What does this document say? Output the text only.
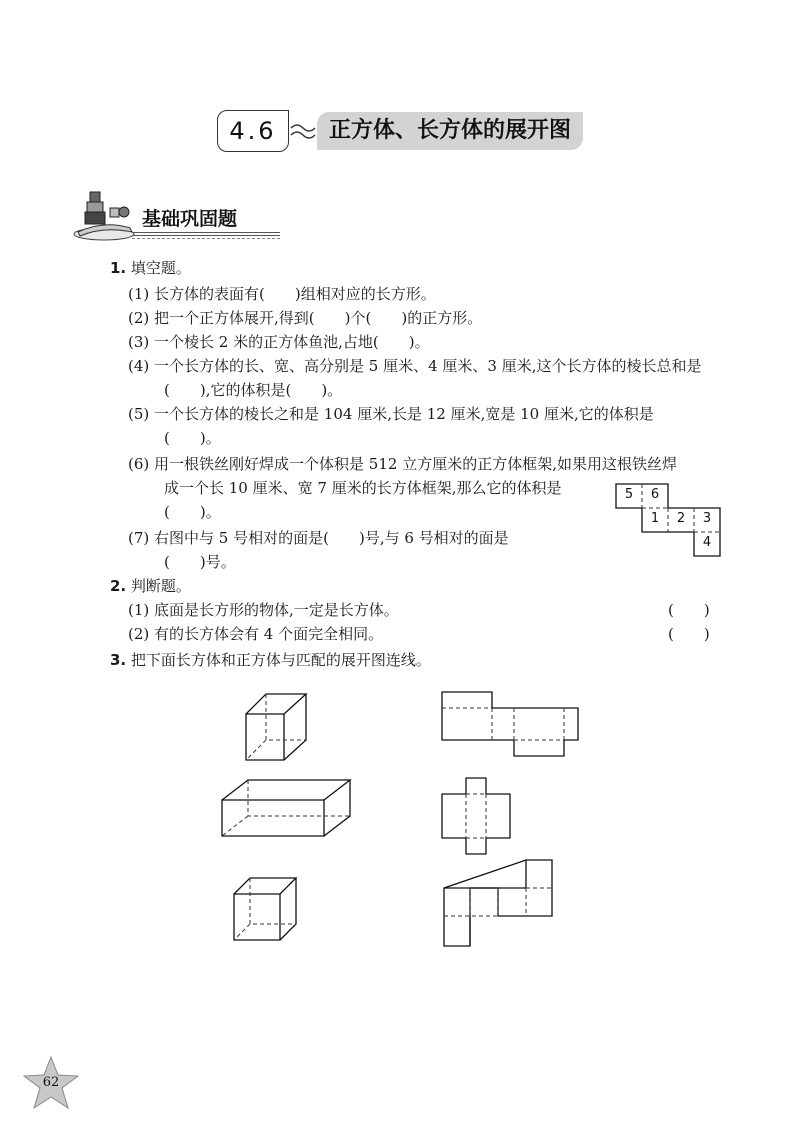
4.6	正方体、长方体的展开图
基础巩固题
1. 填空题。
(1) 长方体的表面有(　　)组相对应的长方形。
(2) 把一个正方体展开,得到(　　)个(　　)的正方形。
(3) 一个棱长 2 米的正方体鱼池,占地(　　)。
(4) 一个长方体的长、宽、高分别是 5 厘米、4 厘米、3 厘米,这个长方体的棱长总和是
(　　),它的体积是(　　)。
(5) 一个长方体的棱长之和是 104 厘米,长是 12 厘米,宽是 10 厘米,它的体积是
(　　)。
(6) 用一根铁丝刚好焊成一个体积是 512 立方厘米的正方体框架,如果用这根铁丝焊
成一个长 10 厘米、宽 7 厘米的长方体框架,那么它的体积是
(　　)。
(7) 右图中与 5 号相对的面是(　　)号,与 6 号相对的面是
(　　)号。
5	6
1	2	3
4
2. 判断题。
(1) 底面是长方形的物体,一定是长方体。	(　　)
(2) 有的长方体会有 4 个面完全相同。	(　　)
3. 把下面长方体和正方体与匹配的展开图连线。
62
